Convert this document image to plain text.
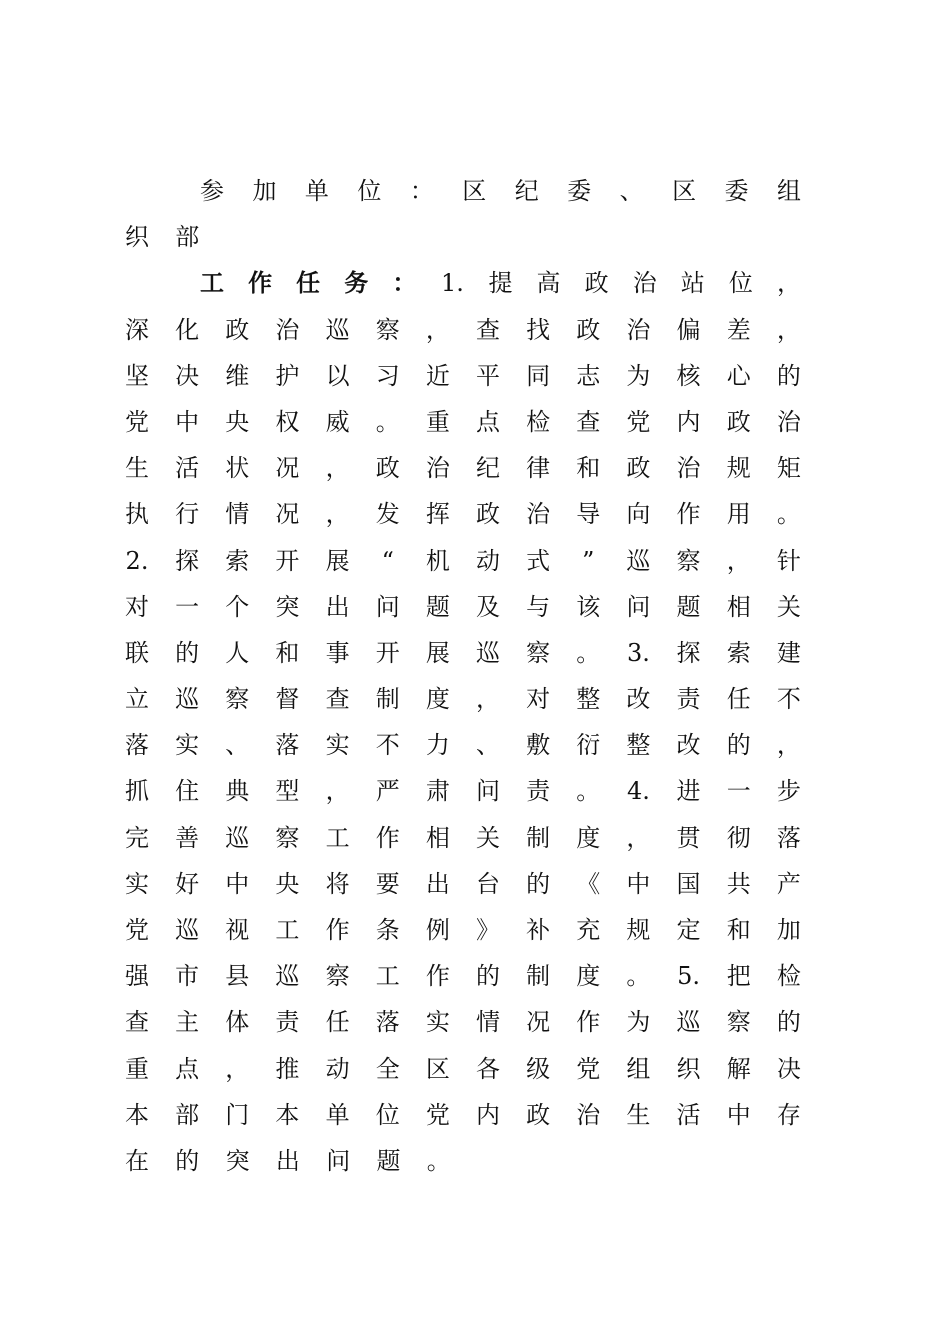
参 加 单 位 ： 区 纪 委 、 区 委 组
织 部
工 作 任 务 ： 1. 提 高 政 治 站 位 ，
深 化 政 治 巡 察 ， 查 找 政 治 偏 差 ，
坚 决 维 护 以 习 近 平 同 志 为 核 心 的
党 中 央 权 威 。 重 点 检 查 党 内 政 治
生 活 状 况 ， 政 治 纪 律 和 政 治 规 矩
执 行 情 况 ， 发 挥 政 治 导 向 作 用 。
2. 探 索 开 展 “ 机 动 式 ” 巡 察 ， 针
对 一 个 突 出 问 题 及 与 该 问 题 相 关
联 的 人 和 事 开 展 巡 察 。 3. 探 索 建
立 巡 察 督 查 制 度 ， 对 整 改 责 任 不
落 实 、 落 实 不 力 、 敷 衍 整 改 的 ，
抓 住 典 型 ， 严 肃 问 责 。 4. 进 一 步
完 善 巡 察 工 作 相 关 制 度 ， 贯 彻 落
实 好 中 央 将 要 出 台 的 《 中 国 共 产
党 巡 视 工 作 条 例 》 补 充 规 定 和 加
强 市 县 巡 察 工 作 的 制 度 。 5. 把 检
查 主 体 责 任 落 实 情 况 作 为 巡 察 的
重 点 ， 推 动 全 区 各 级 党 组 织 解 决
本 部 门 本 单 位 党 内 政 治 生 活 中 存
在 的 突 出 问 题 。
